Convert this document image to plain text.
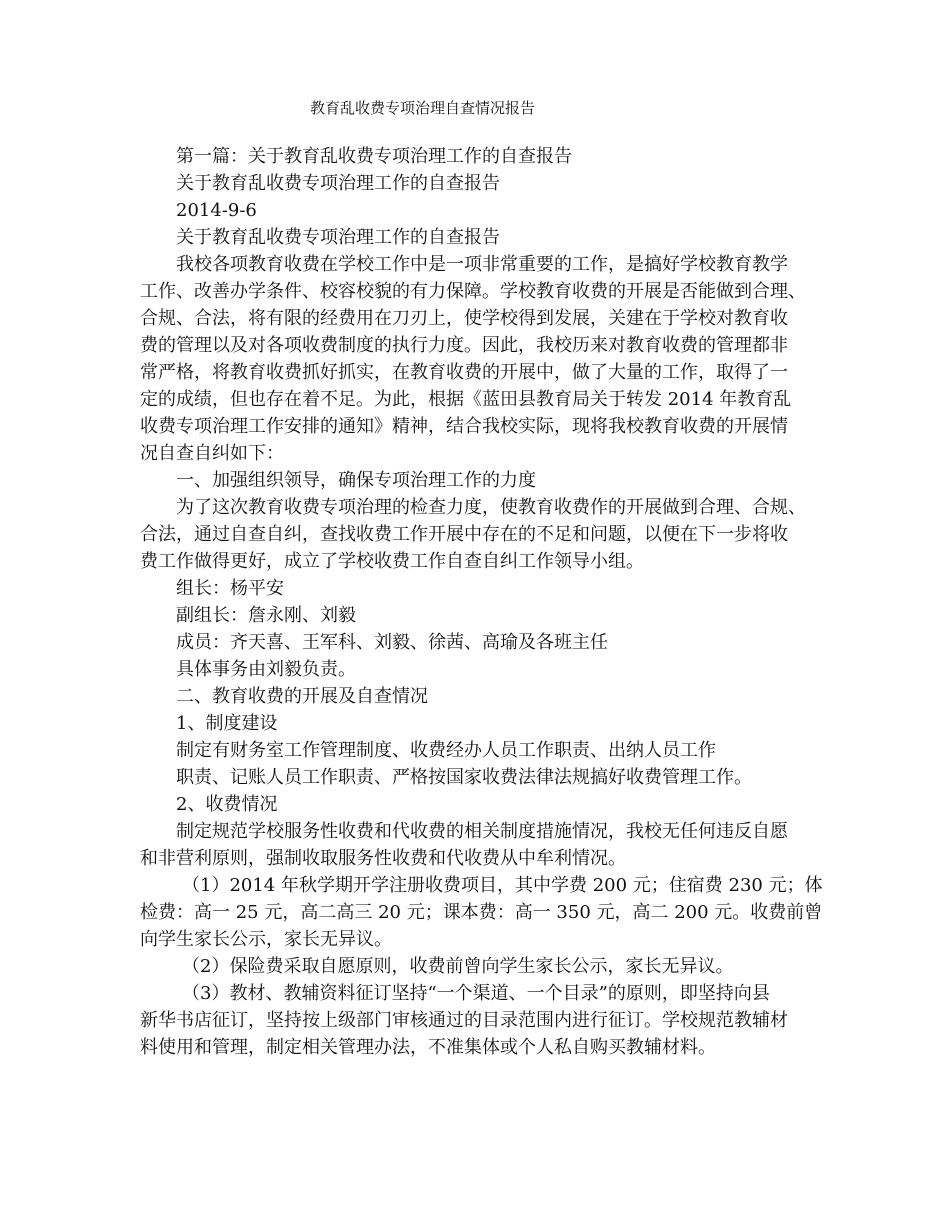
教育乱收费专项治理自查情况报告
第一篇：关于教育乱收费专项治理工作的自查报告
关于教育乱收费专项治理工作的自查报告
2014-9-6
关于教育乱收费专项治理工作的自查报告
我校各项教育收费在学校工作中是一项非常重要的工作，是搞好学校教育教学
工作、改善办学条件、校容校貌的有力保障。学校教育收费的开展是否能做到合理、
合规、合法，将有限的经费用在刀刃上，使学校得到发展，关建在于学校对教育收
费的管理以及对各项收费制度的执行力度。因此，我校历来对教育收费的管理都非
常严格，将教育收费抓好抓实，在教育收费的开展中，做了大量的工作，取得了一
定的成绩，但也存在着不足。为此，根据《蓝田县教育局关于转发 2014 年教育乱
收费专项治理工作安排的通知》精神，结合我校实际，现将我校教育收费的开展情
况自查自纠如下：
一、加强组织领导，确保专项治理工作的力度
为了这次教育收费专项治理的检查力度，使教育收费作的开展做到合理、合规、
合法，通过自查自纠，查找收费工作开展中存在的不足和问题，以便在下一步将收
费工作做得更好，成立了学校收费工作自查自纠工作领导小组。
组长：杨平安
副组长：詹永刚、刘毅
成员：齐天喜、王军科、刘毅、徐茜、高瑜及各班主任
具体事务由刘毅负责。
二、教育收费的开展及自查情况
1、制度建设
制定有财务室工作管理制度、收费经办人员工作职责、出纳人员工作
职责、记账人员工作职责、严格按国家收费法律法规搞好收费管理工作。
2、收费情况
制定规范学校服务性收费和代收费的相关制度措施情况，我校无任何违反自愿
和非营利原则，强制收取服务性收费和代收费从中牟利情况。
（1）2014 年秋学期开学注册收费项目，其中学费 200 元；住宿费 230 元；体
检费：高一 25 元，高二高三 20 元；课本费：高一 350 元，高二 200 元。收费前曾
向学生家长公示，家长无异议。
（2）保险费采取自愿原则，收费前曾向学生家长公示，家长无异议。
（3）教材、教辅资料征订坚持“一个渠道、一个目录”的原则，即坚持向县
新华书店征订，坚持按上级部门审核通过的目录范围内进行征订。学校规范教辅材
料使用和管理，制定相关管理办法，不准集体或个人私自购买教辅材料。
